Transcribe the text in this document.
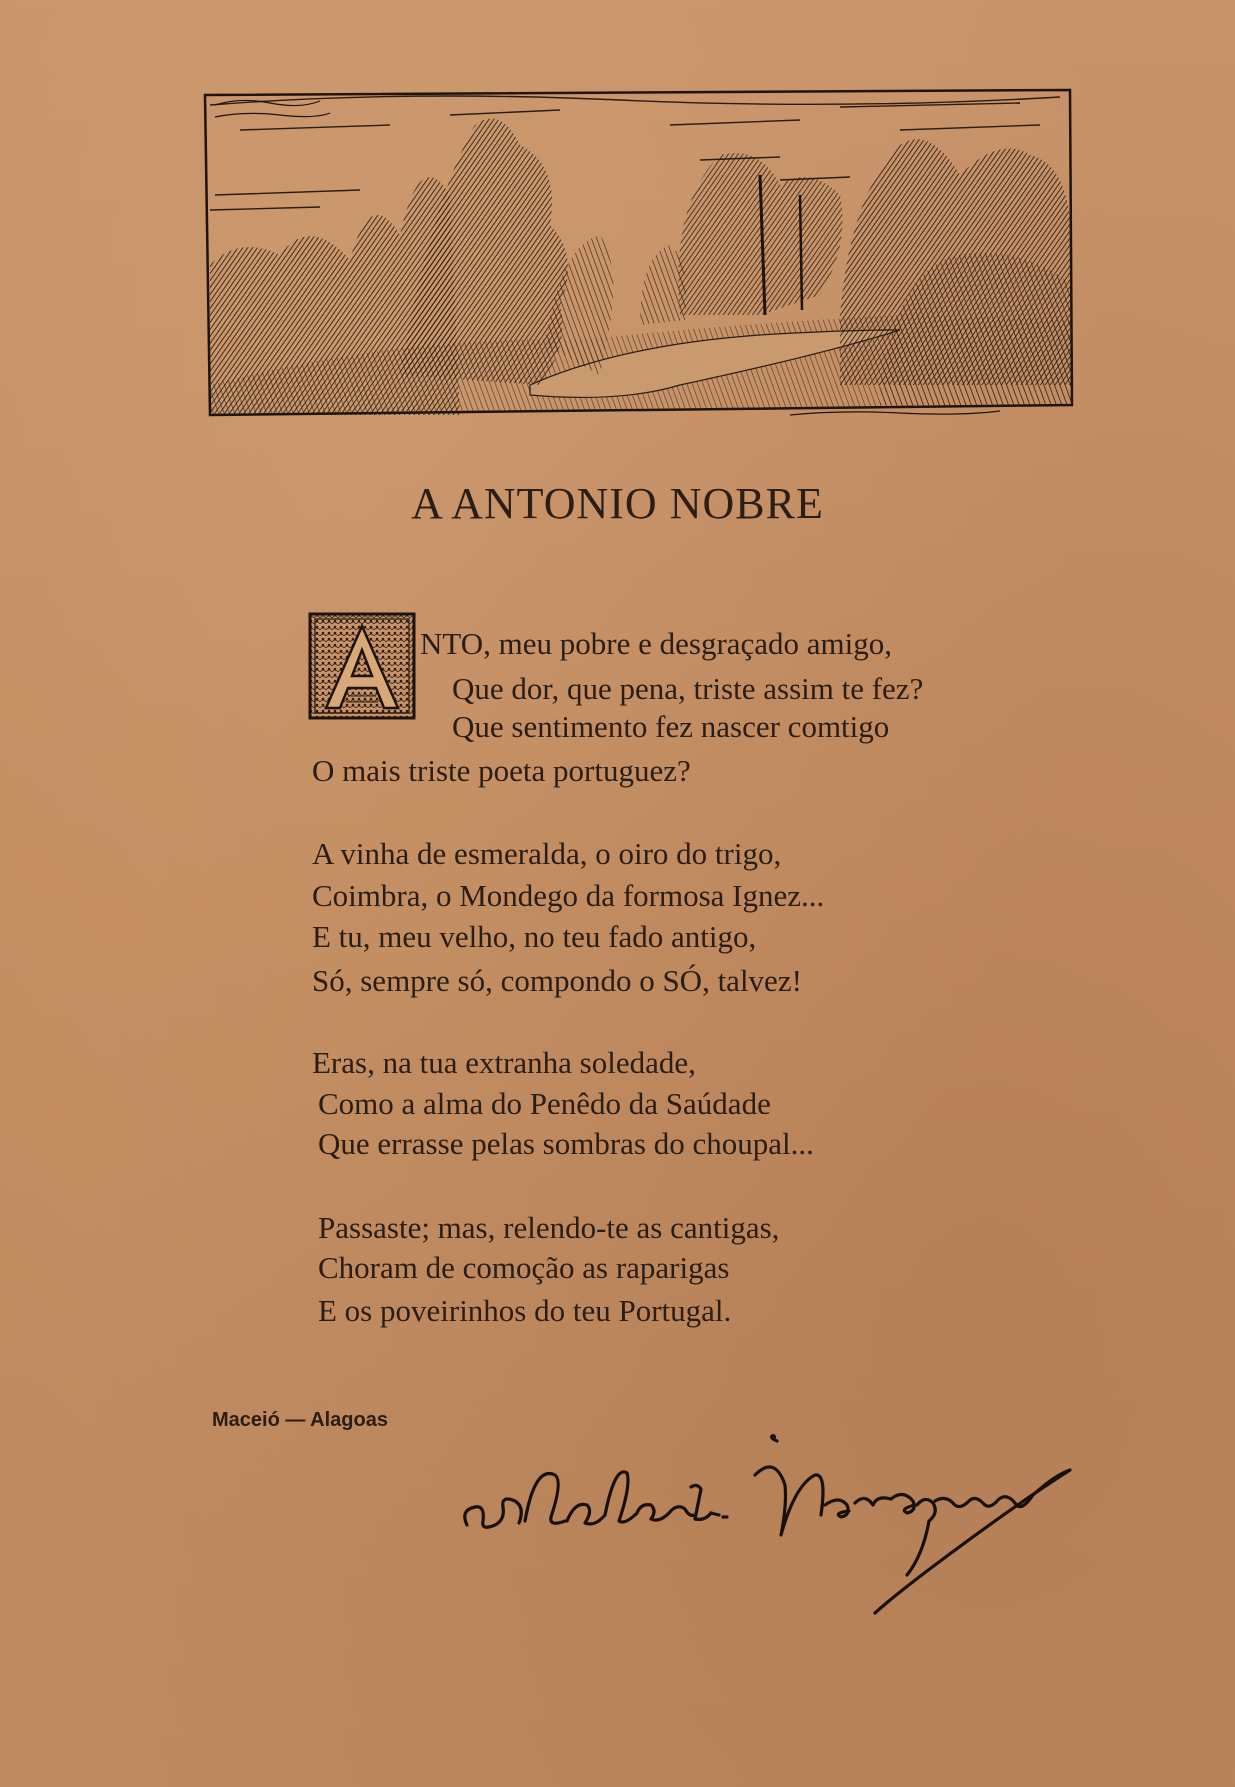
A ANTONIO NOBRE
NTO, meu pobre e desgraçado amigo,
Que dor, que pena, triste assim te fez?
Que sentimento fez nascer comtigo
O mais triste poeta portuguez?
A vinha de esmeralda, o oiro do trigo,
Coimbra, o Mondego da formosa Ignez...
E tu, meu velho, no teu fado antigo,
Só, sempre só, compondo o SÓ, talvez!
Eras, na tua extranha soledade,
Como a alma do Penêdo da Saúdade
Que errasse pelas sombras do choupal...
Passaste; mas, relendo-te as cantigas,
Choram de comoção as raparigas
E os poveirinhos do teu Portugal.
Maceió — Alagoas
